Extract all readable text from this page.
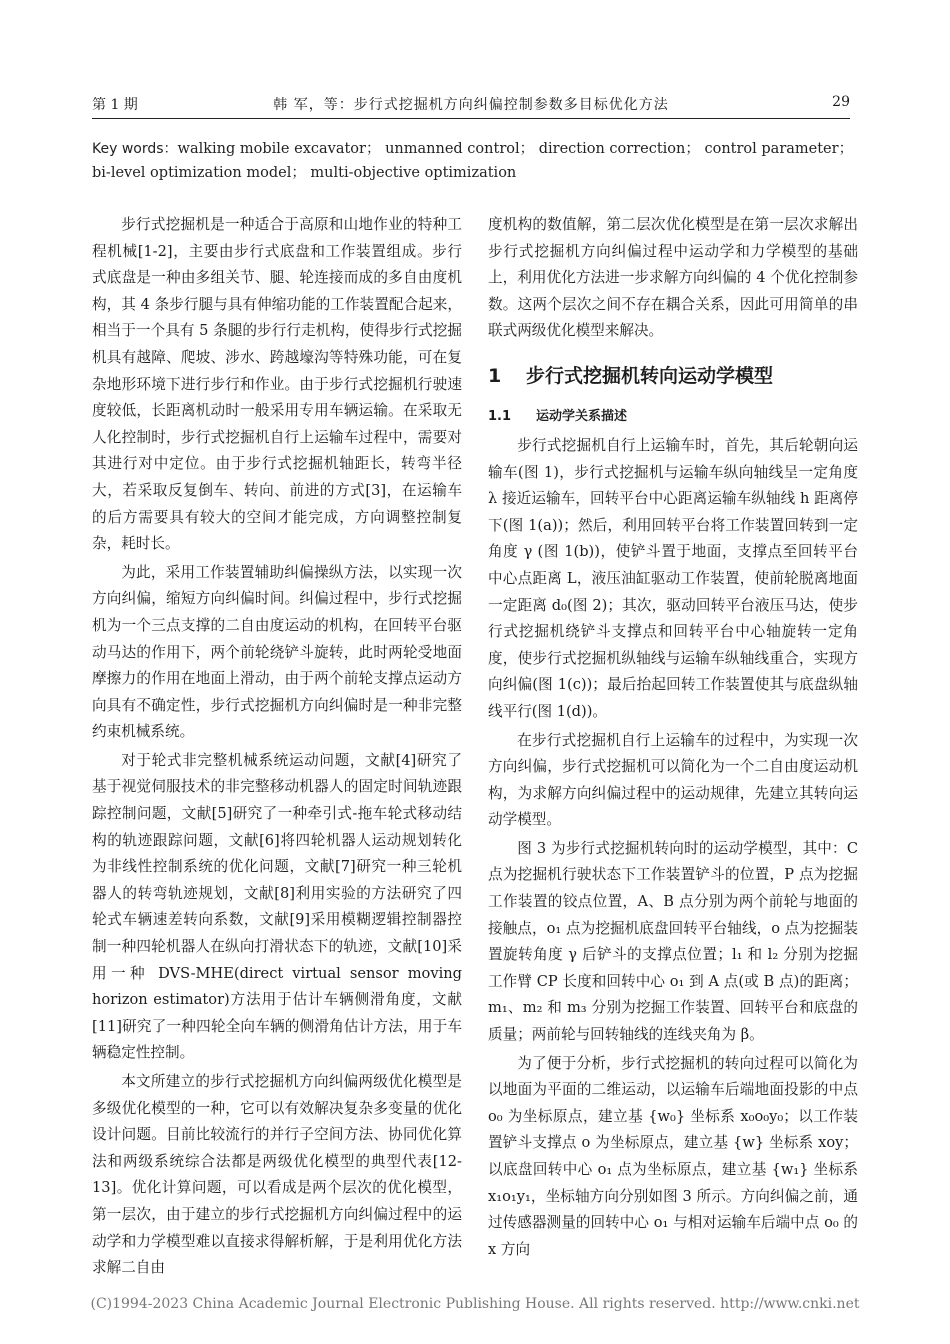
第 1 期	韩 军，等：步行式挖掘机方向纠偏控制参数多目标优化方法	29
Key words：walking mobile excavator； unmanned control； direction correction； control parameter； bi-level optimization model； multi-objective optimization

步行式挖掘机是一种适合于高原和山地作业的特种工程机械[1-2]，主要由步行式底盘和工作装置组成。步行式底盘是一种由多组关节、腿、轮连接而成的多自由度机构，其 4 条步行腿与具有伸缩功能的工作装置配合起来，相当于一个具有 5 条腿的步行行走机构，使得步行式挖掘机具有越障、爬坡、涉水、跨越壕沟等特殊功能，可在复杂地形环境下进行步行和作业。由于步行式挖掘机行驶速度较低，长距离机动时一般采用专用车辆运输。在采取无人化控制时，步行式挖掘机自行上运输车过程中，需要对其进行对中定位。由于步行式挖掘机轴距长，转弯半径大，若采取反复倒车、转向、前进的方式[3]，在运输车的后方需要具有较大的空间才能完成，方向调整控制复杂，耗时长。

为此，采用工作装置辅助纠偏操纵方法，以实现一次方向纠偏，缩短方向纠偏时间。纠偏过程中，步行式挖掘机为一个三点支撑的二自由度运动的机构，在回转平台驱动马达的作用下，两个前轮绕铲斗旋转，此时两轮受地面摩擦力的作用在地面上滑动，由于两个前轮支撑点运动方向具有不确定性，步行式挖掘机方向纠偏时是一种非完整约束机械系统。

对于轮式非完整机械系统运动问题，文献[4]研究了基于视觉伺服技术的非完整移动机器人的固定时间轨迹跟踪控制问题，文献[5]研究了一种牵引式-拖车轮式移动结构的轨迹跟踪问题，文献[6]将四轮机器人运动规划转化为非线性控制系统的优化问题，文献[7]研究一种三轮机器人的转弯轨迹规划，文献[8]利用实验的方法研究了四轮式车辆速差转向系数，文献[9]采用模糊逻辑控制器控制一种四轮机器人在纵向打滑状态下的轨迹，文献[10]采用一种 DVS-MHE(direct virtual sensor moving horizon estimator)方法用于估计车辆侧滑角度，文献[11]研究了一种四轮全向车辆的侧滑角估计方法，用于车辆稳定性控制。

本文所建立的步行式挖掘机方向纠偏两级优化模型是多级优化模型的一种，它可以有效解决复杂多变量的优化设计问题。目前比较流行的并行子空间方法、协同优化算法和两级系统综合法都是两级优化模型的典型代表[12-13]。优化计算问题，可以看成是两个层次的优化模型，第一层次，由于建立的步行式挖掘机方向纠偏过程中的运动学和力学模型难以直接求得解析解，于是利用优化方法求解二自由

度机构的数值解，第二层次优化模型是在第一层次求解出步行式挖掘机方向纠偏过程中运动学和力学模型的基础上，利用优化方法进一步求解方向纠偏的 4 个优化控制参数。这两个层次之间不存在耦合关系，因此可用简单的串联式两级优化模型来解决。

1 步行式挖掘机转向运动学模型
1.1 运动学关系描述

步行式挖掘机自行上运输车时，首先，其后轮朝向运输车(图 1)，步行式挖掘机与运输车纵向轴线呈一定角度 λ 接近运输车，回转平台中心距离运输车纵轴线 h 距离停下(图 1(a))；然后，利用回转平台将工作装置回转到一定角度 γ (图 1(b))，使铲斗置于地面，支撑点至回转平台中心点距离 L，液压油缸驱动工作装置，使前轮脱离地面一定距离 d₀(图 2)；其次，驱动回转平台液压马达，使步行式挖掘机绕铲斗支撑点和回转平台中心轴旋转一定角度，使步行式挖掘机纵轴线与运输车纵轴线重合，实现方向纠偏(图 1(c))；最后抬起回转工作装置使其与底盘纵轴线平行(图 1(d))。

在步行式挖掘机自行上运输车的过程中，为实现一次方向纠偏，步行式挖掘机可以简化为一个二自由度运动机构，为求解方向纠偏过程中的运动规律，先建立其转向运动学模型。

图 3 为步行式挖掘机转向时的运动学模型，其中：C 点为挖掘机行驶状态下工作装置铲斗的位置，P 点为挖掘工作装置的铰点位置，A、B 点分别为两个前轮与地面的接触点，o₁ 点为挖掘机底盘回转平台轴线，o 点为挖掘装置旋转角度 γ 后铲斗的支撑点位置；l₁ 和 l₂ 分别为挖掘工作臂 CP 长度和回转中心 o₁ 到 A 点(或 B 点)的距离；m₁、m₂ 和 m₃ 分别为挖掘工作装置、回转平台和底盘的质量；两前轮与回转轴线的连线夹角为 β。

为了便于分析，步行式挖掘机的转向过程可以简化为以地面为平面的二维运动，以运输车后端地面投影的中点 o₀ 为坐标原点，建立基 {w₀} 坐标系 x₀o₀y₀；以工作装置铲斗支撑点 o 为坐标原点，建立基 {w} 坐标系 xoy；以底盘回转中心 o₁ 点为坐标原点，建立基 {w₁} 坐标系 x₁o₁y₁，坐标轴方向分别如图 3 所示。方向纠偏之前，通过传感器测量的回转中心 o₁ 与相对运输车后端中点 o₀ 的 x 方向

(C)1994-2023 China Academic Journal Electronic Publishing House. All rights reserved. http://www.cnki.net
